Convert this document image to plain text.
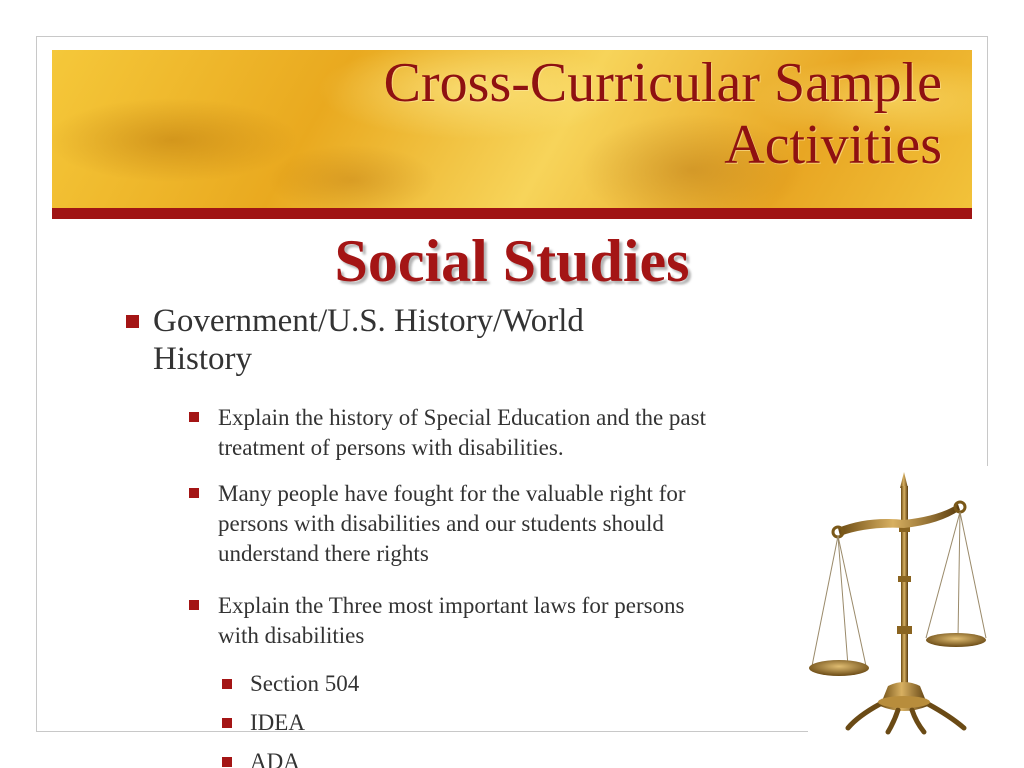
Cross-Curricular Sample
Activities
Social Studies
Government/U.S. History/World
History
Explain the history of Special Education and the past
treatment of persons with disabilities.
Many people have fought for the valuable right for
persons with disabilities and our students should
understand there rights
Explain the Three most important laws for persons
with disabilities
Section 504
IDEA
ADA
